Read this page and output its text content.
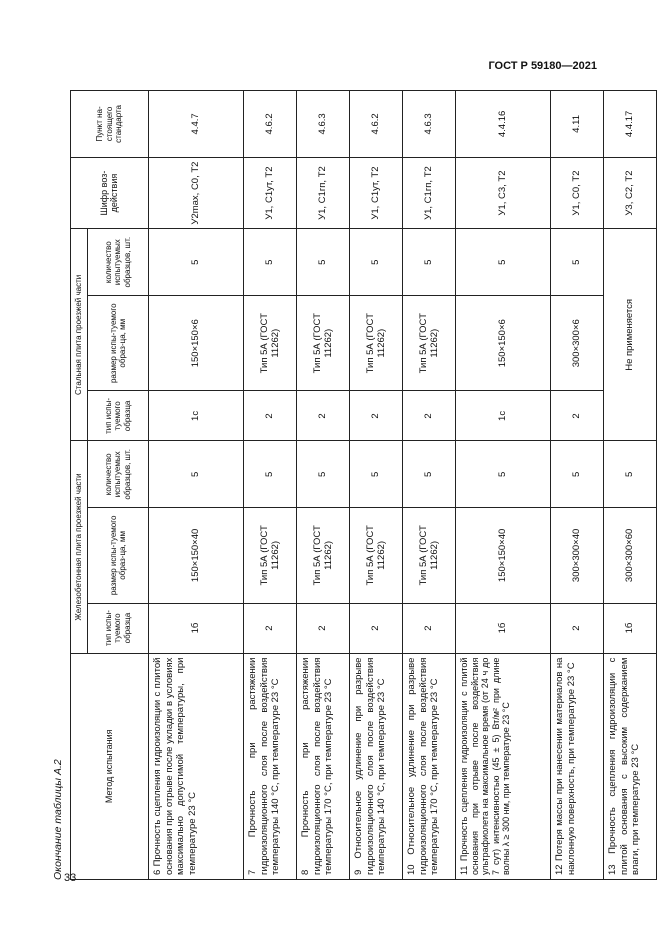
ГОСТ Р 59180—2021
33
Окончание таблицы А.2	Метод испытания	Железобетонная плита проезжей части			Стальная плита проезжей части			Шифр воз-действия	Пункт на-стоящего стандарта
	тип испы-туемого образца	размер испы-туемого образ-ца, мм	количество испытуемых образцов, шт.	тип испы-туемого образца	размер испы-туемого образ-ца, мм	количество испытуемых образцов, шт.		
6 Прочность сцепления гидроизоляции с плитой основания при отрыве после укладки в условиях максимально допустимой температуры, при температуре 23 °C	1б	150×150×40	5	1с	150×150×6	5	У2max, С0, Т2	4.4.7
7 Прочность при растяжении гидроизоляционного слоя после воздействия температуры 140 °C, при температуре 23 °C	2	Тип 5А (ГОСТ 11262)	5	2	Тип 5А (ГОСТ 11262)	5	У1, С1ут, Т2	4.6.2
8 Прочность при растяжении гидроизоляционного слоя после воздействия температуры 170 °C, при температуре 23 °C	2	Тип 5А (ГОСТ 11262)	5	2	Тип 5А (ГОСТ 11262)	5	У1, С1гп, Т2	4.6.3
9 Относительное удлинение при разрыве гидроизоляционного слоя после воздействия температуры 140 °C, при температуре 23 °C	2	Тип 5А (ГОСТ 11262)	5	2	Тип 5А (ГОСТ 11262)	5	У1, С1ут, Т2	4.6.2
10 Относительное удлинение при разрыве гидроизоляционного слоя после воздействия температуры 170 °C, при температуре 23 °C	2	Тип 5А (ГОСТ 11262)	5	2	Тип 5А (ГОСТ 11262)	5	У1, С1гп, Т2	4.6.3
11 Прочность сцепления гидроизоляции с плитой основания при отрыве после воздействия ультрафиолета на максимальное время (от 24 ч до 7 сут) интенсивностью (45 ± 5) Вт/м² при длине волны λ ≥ 300 нм, при температуре 23 °C	1б	150×150×40	5	1с	150×150×6	5	У1, С3, Т2	4.4.16
12 Потеря массы при нанесении материалов на наклонную поверхность, при температуре 23 °C	2	300×300×40	5	2	300×300×6	5	У1, С0, Т2	4.11
13 Прочность сцепления гидроизоляции с плитой основания с высоким содержанием влаги, при температуре 23 °C	1б	300×300×60	5	Не применяется			У3, С2, Т2	4.4.17
